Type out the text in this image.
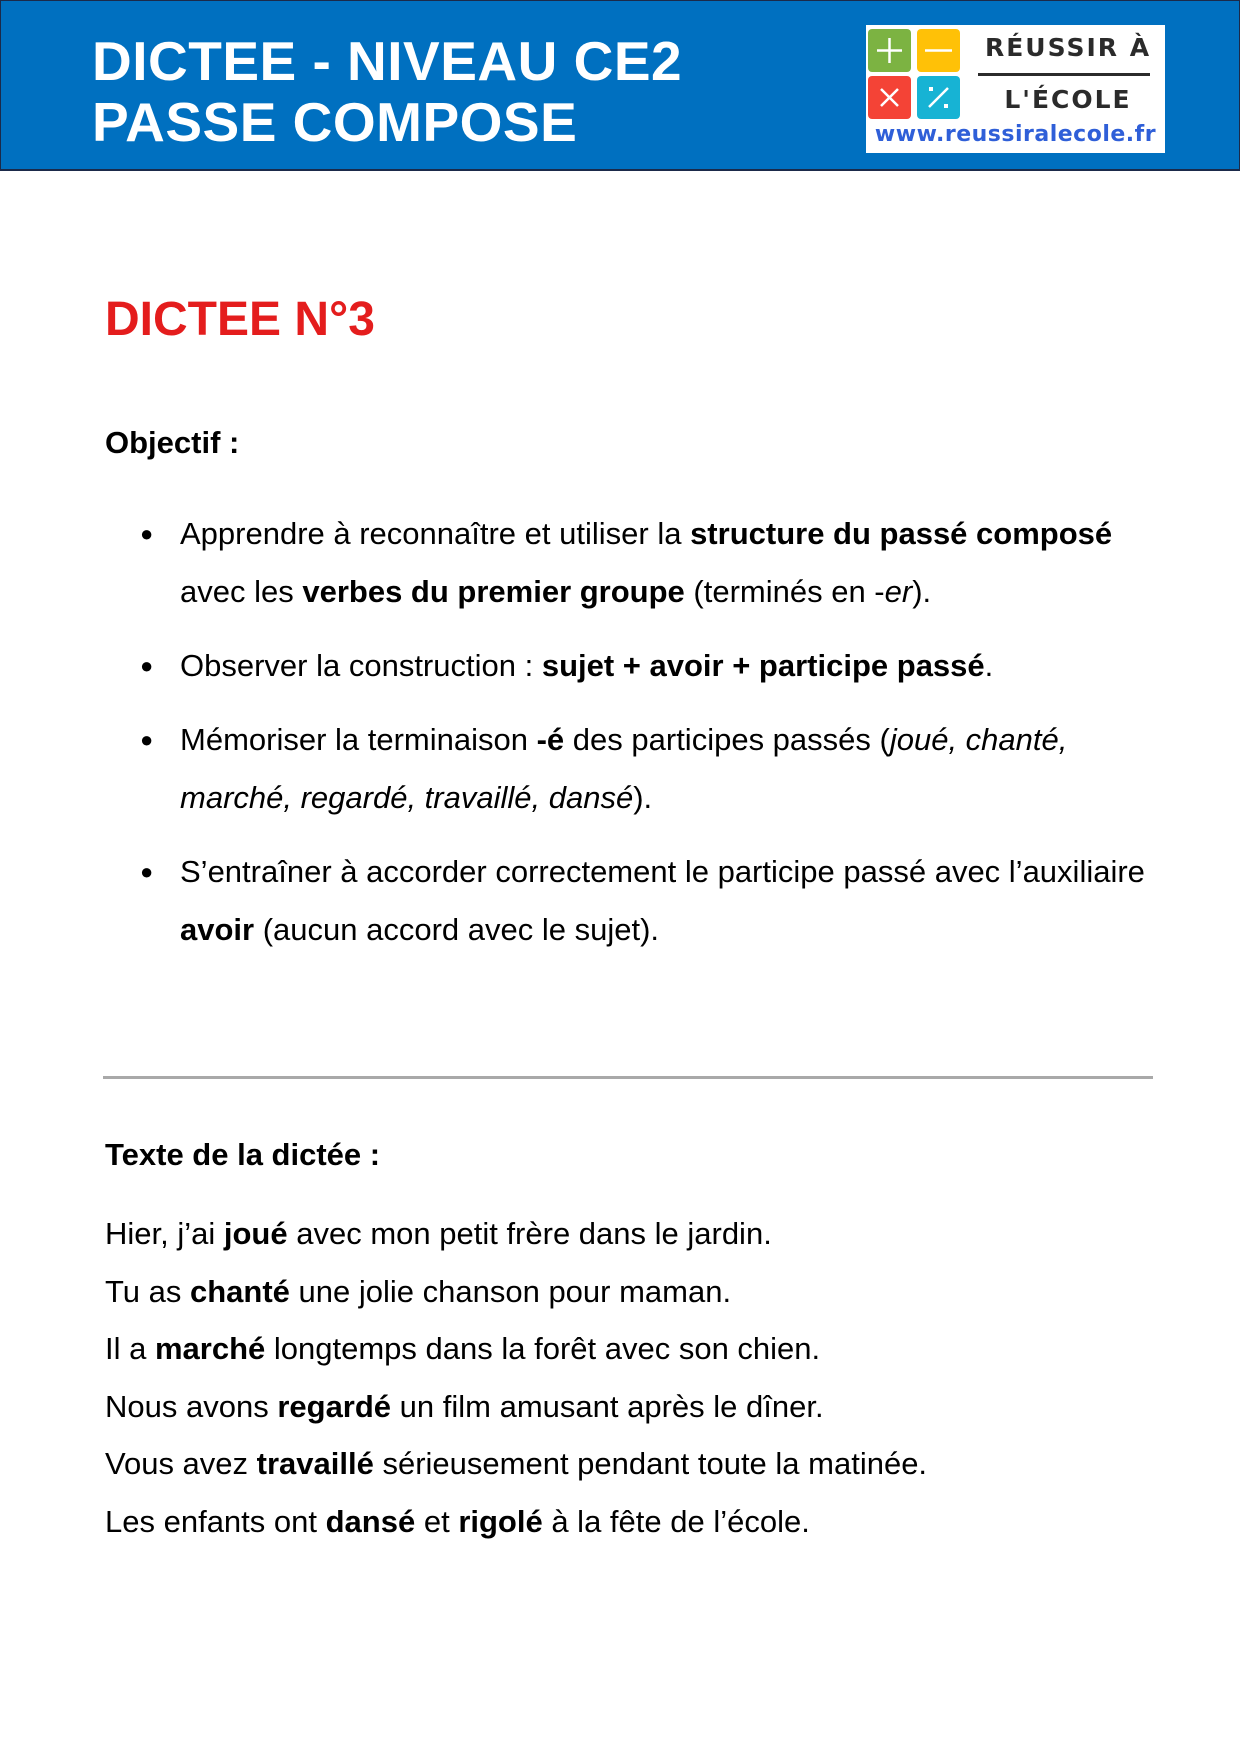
DICTEE - NIVEAU CE2
PASSE COMPOSE
RÉUSSIR À
L'ÉCOLE
www.reussiralecole.fr
DICTEE N°3
Objectif :
● Apprendre à reconnaître et utiliser la structure du passé composé avec les verbes du premier groupe (terminés en -er).
● Observer la construction : sujet + avoir + participe passé.
● Mémoriser la terminaison -é des participes passés (joué, chanté, marché, regardé, travaillé, dansé).
● S’entraîner à accorder correctement le participe passé avec l’auxiliaire avoir (aucun accord avec le sujet).
Texte de la dictée :
Hier, j’ai joué avec mon petit frère dans le jardin.
Tu as chanté une jolie chanson pour maman.
Il a marché longtemps dans la forêt avec son chien.
Nous avons regardé un film amusant après le dîner.
Vous avez travaillé sérieusement pendant toute la matinée.
Les enfants ont dansé et rigolé à la fête de l’école.
